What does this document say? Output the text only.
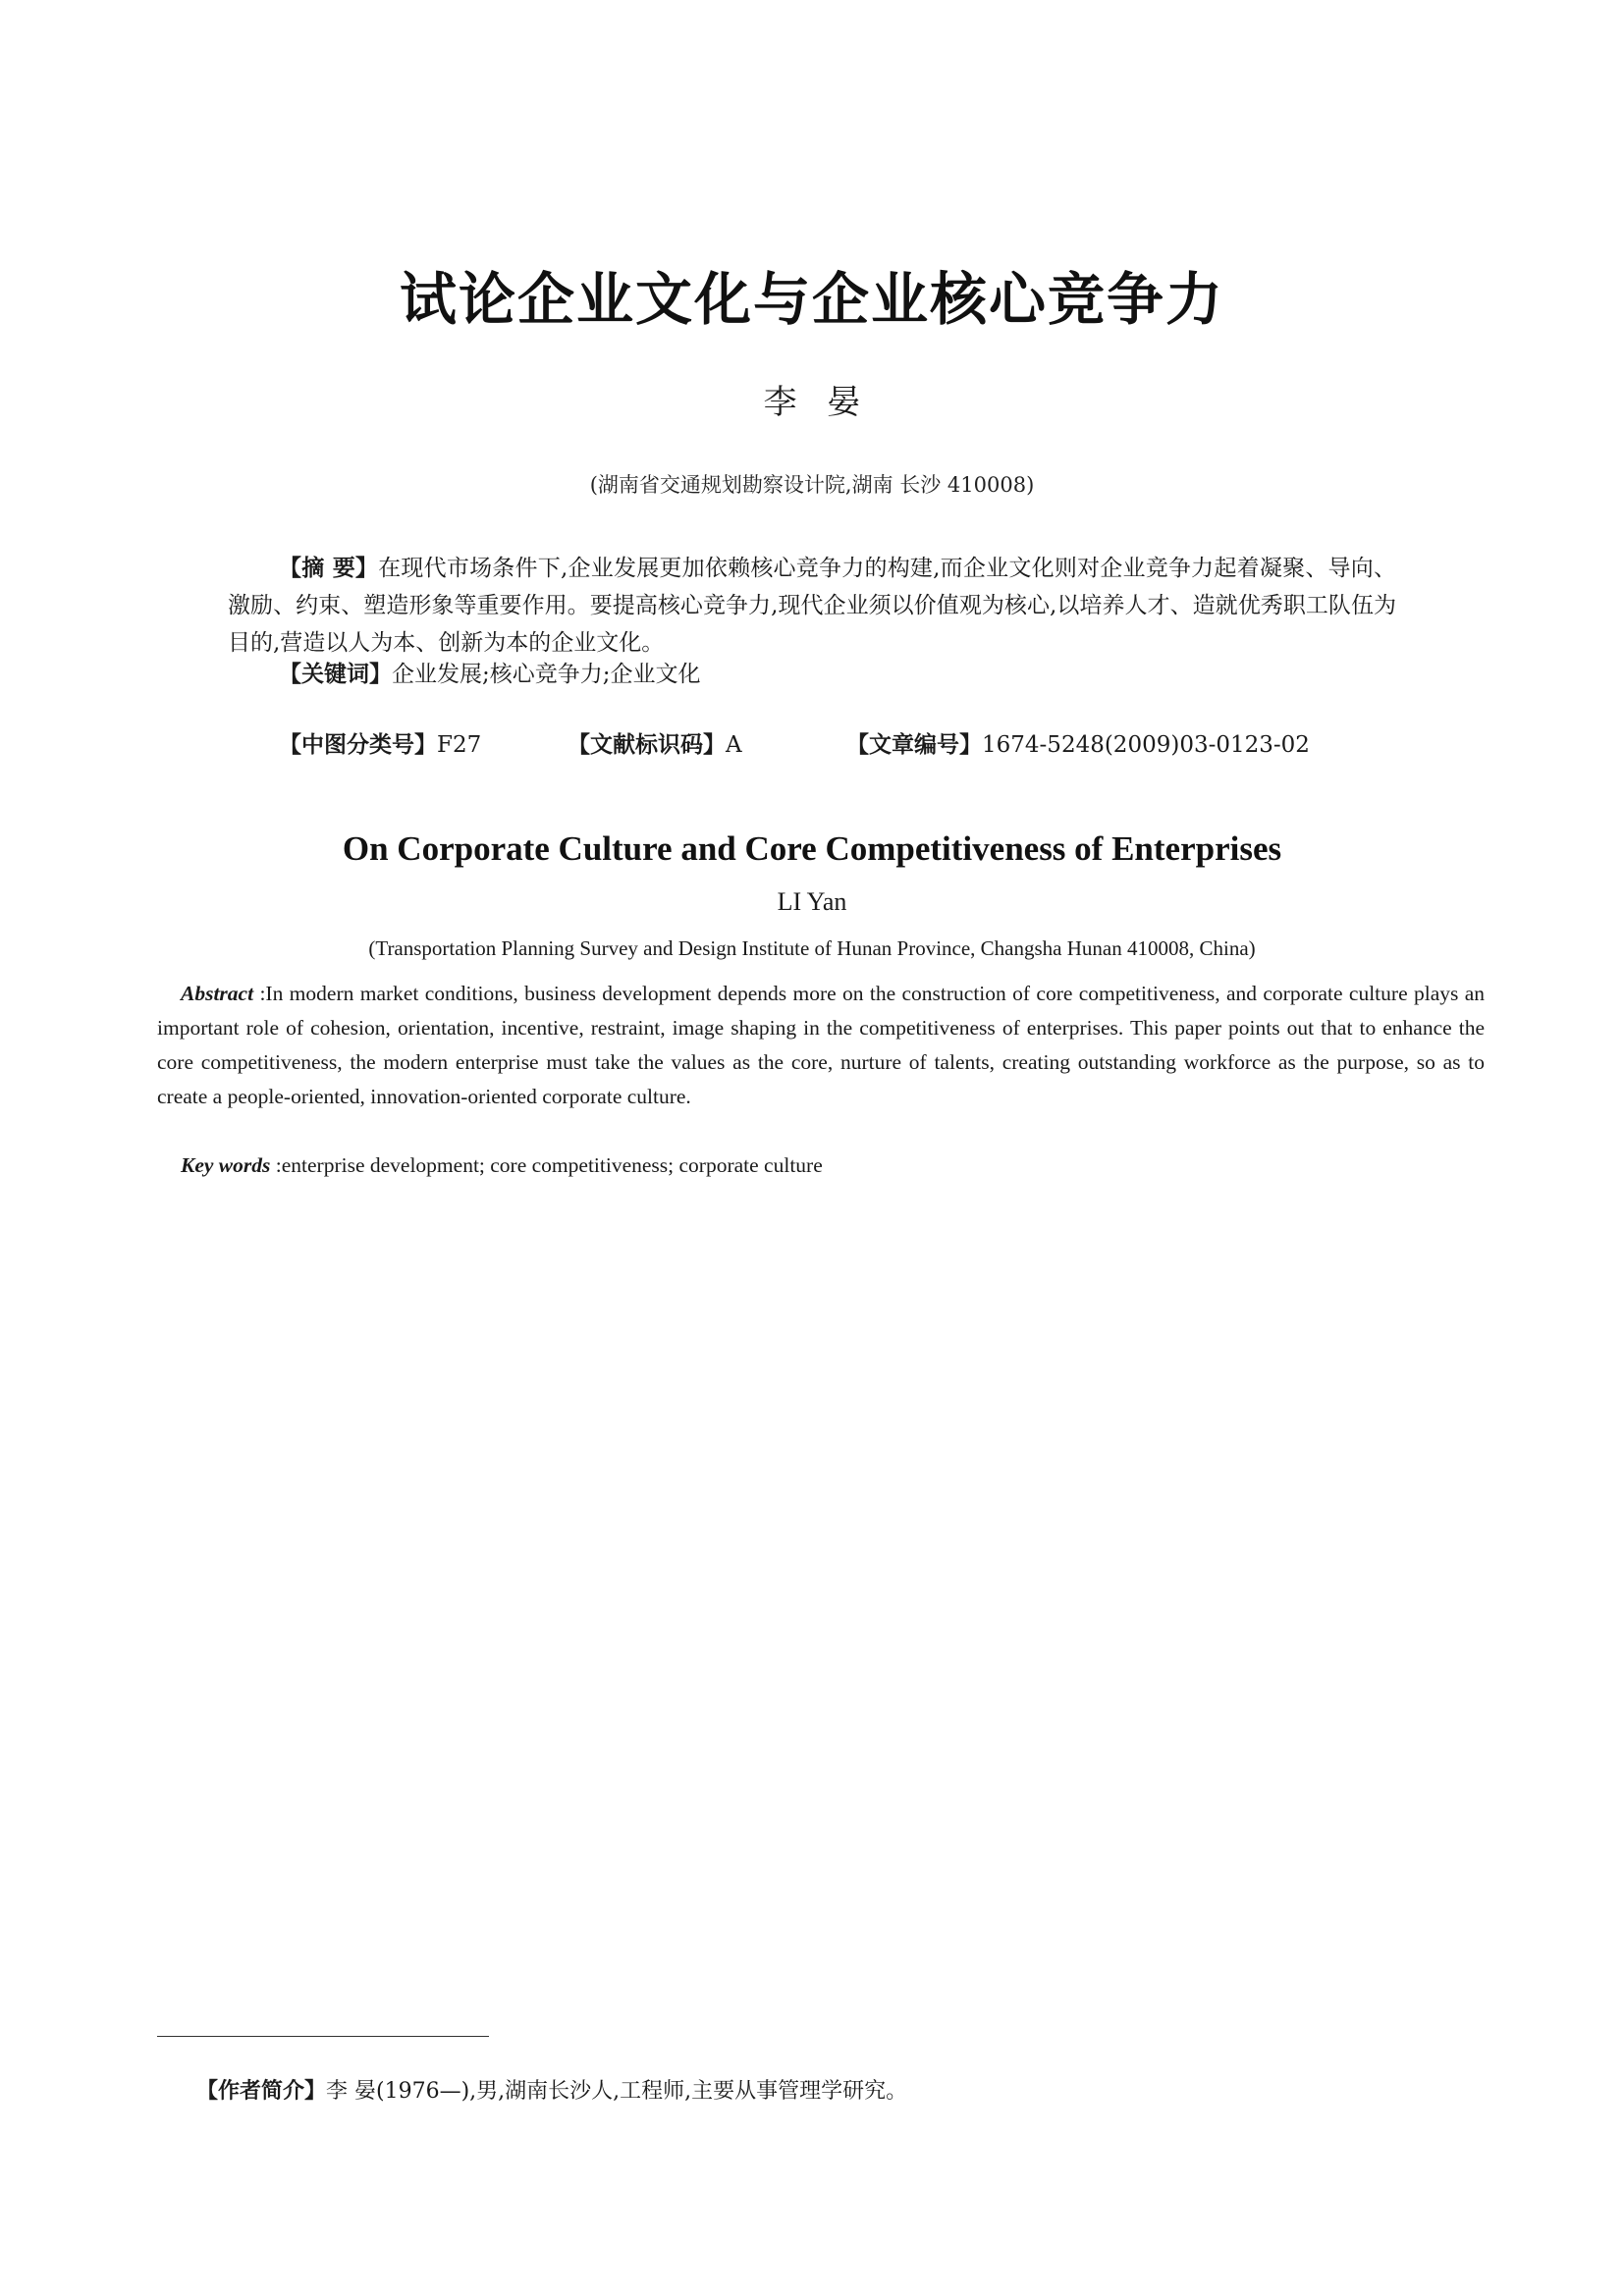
试论企业文化与企业核心竞争力
李 晏
(湖南省交通规划勘察设计院,湖南 长沙 410008)

【摘 要】在现代市场条件下,企业发展更加依赖核心竞争力的构建,而企业文化则对企业竞争力起着凝聚、导向、激励、约束、塑造形象等重要作用。要提高核心竞争力,现代企业须以价值观为核心,以培养人才、造就优秀职工队伍为目的,营造以人为本、创新为本的企业文化。

【关键词】企业发展;核心竞争力;企业文化

【中图分类号】F27	【文献标识码】A	【文章编号】1674-5248(2009)03-0123-02
On Corporate Culture and Core Competitiveness of Enterprises
LI Yan
(Transportation Planning Survey and Design Institute of Hunan Province, Changsha Hunan 410008, China)

Abstract :In modern market conditions, business development depends more on the construction of core competitiveness, and corporate culture plays an important role of cohesion, orientation, incentive, restraint, image shaping in the competitiveness of enterprises. This paper points out that to enhance the core competitiveness, the modern enterprise must take the values as the core, nurture of talents, creating outstanding workforce as the purpose, so as to create a people-oriented, innovation-oriented corporate culture.

Key words :enterprise development; core competitiveness; corporate culture

【作者简介】李 晏(1976—),男,湖南长沙人,工程师,主要从事管理学研究。
